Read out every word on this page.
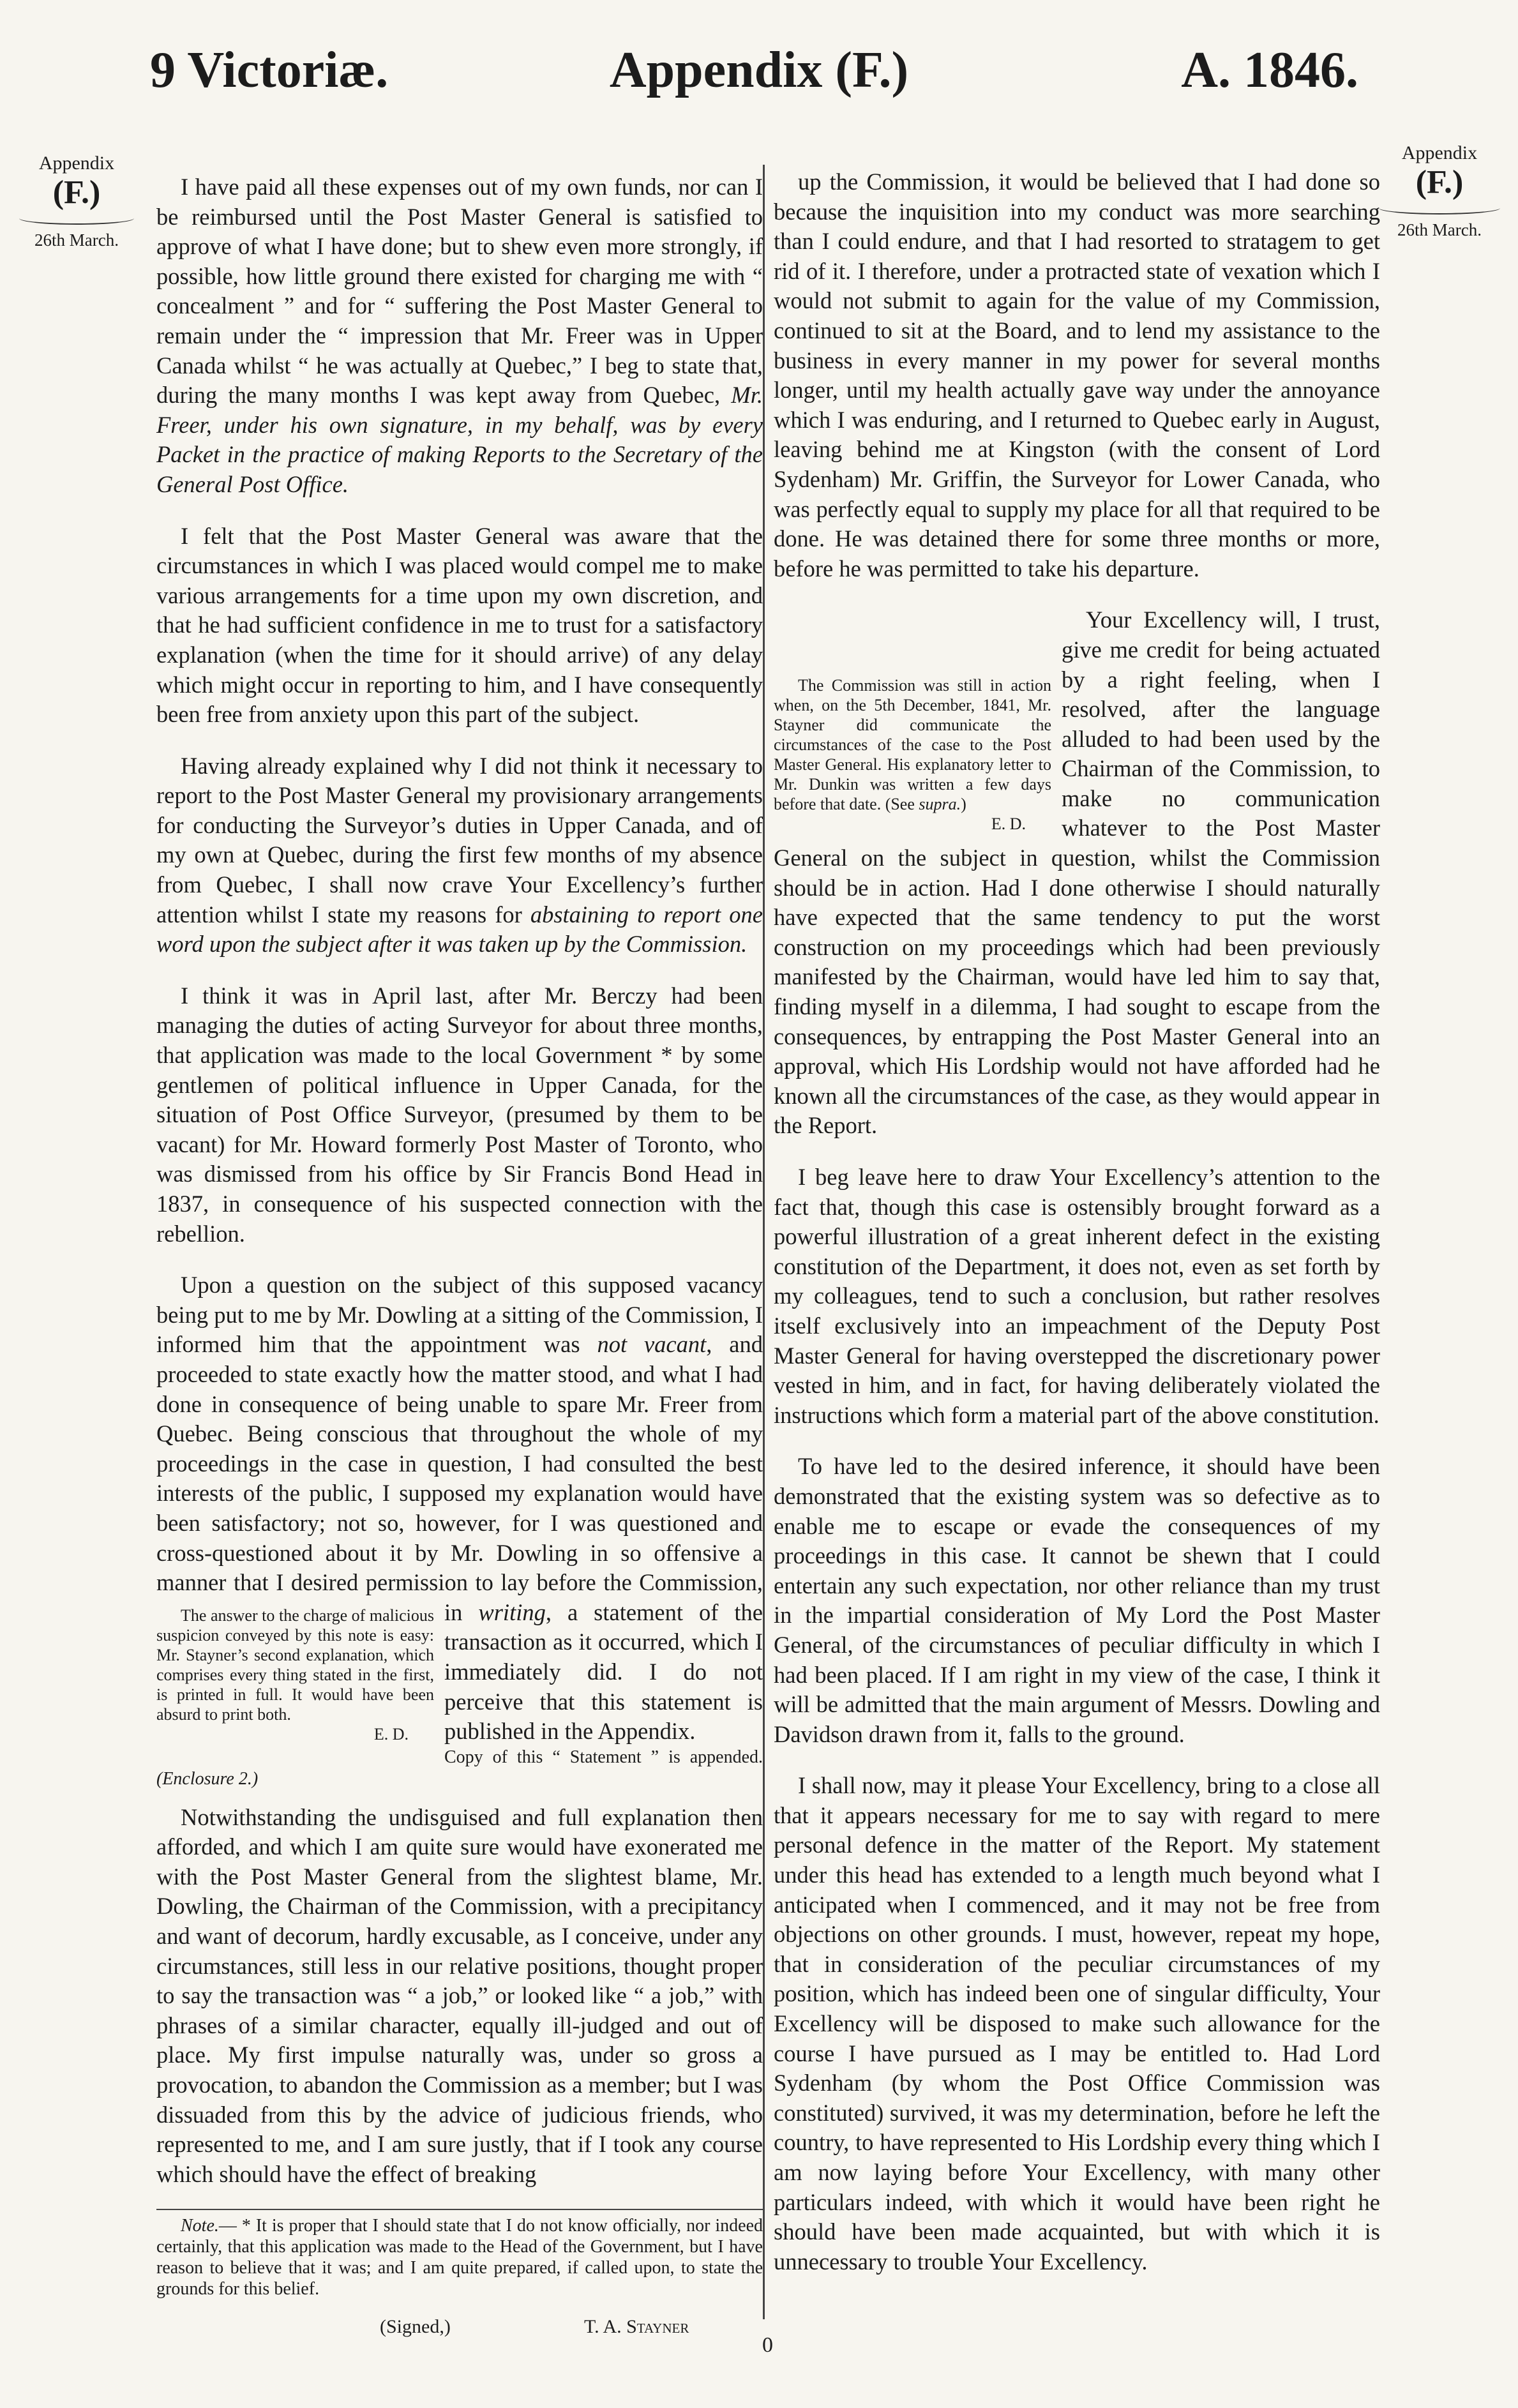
9 Victoriæ.	Appendix (F.)	A. 1846.
Appendix
(F.)
26th March.
Appendix
(F.)
26th March.

I have paid all these expenses out of my own funds, nor can I be reimbursed until the Post Master General is satisfied to approve of what I have done; but to shew even more strongly, if possible, how little ground there existed for charging me with “ concealment ” and for “ suffering the Post Master General to remain under the “ impression that Mr. Freer was in Upper Canada whilst “ he was actually at Quebec,” I beg to state that, during the many months I was kept away from Quebec, Mr. Freer, under his own signature, in my behalf, was by every Packet in the practice of making Reports to the Secretary of the General Post Office.

I felt that the Post Master General was aware that the circumstances in which I was placed would compel me to make various arrangements for a time upon my own discretion, and that he had sufficient confidence in me to trust for a satisfactory explanation (when the time for it should arrive) of any delay which might occur in reporting to him, and I have consequently been free from anxiety upon this part of the subject.

Having already explained why I did not think it necessary to report to the Post Master General my provisionary arrangements for conducting the Surveyor’s duties in Upper Canada, and of my own at Quebec, during the first few months of my absence from Quebec, I shall now crave Your Excellency’s further attention whilst I state my reasons for abstaining to report one word upon the subject after it was taken up by the Commission.

I think it was in April last, after Mr. Berczy had been managing the duties of acting Surveyor for about three months, that application was made to the local Government * by some gentlemen of political influence in Upper Canada, for the situation of Post Office Surveyor, (presumed by them to be vacant) for Mr. Howard formerly Post Master of Toronto, who was dismissed from his office by Sir Francis Bond Head in 1837, in consequence of his suspected connection with the rebellion.

Upon a question on the subject of this supposed vacancy being put to me by Mr. Dowling at a sitting of the Commission, I informed him that the appointment was not vacant, and proceeded to state exactly how the matter stood, and what I had done in consequence of being unable to spare Mr. Freer from Quebec. Being conscious that throughout the whole of my proceedings in the case in question, I had consulted the best interests of the public, I supposed my explanation would have been satisfactory; not so, however, for I was questioned and cross-questioned about it by Mr. Dowling in so offensive a manner that I desired permission to lay before the Commission, in
The answer to the charge of malicious suspicion conveyed by this note is easy: Mr. Stayner’s second explanation, which comprises every thing stated in the first, is printed in full. It would have been absurd to print both.
E. D.
writing, a statement of the transaction as it occurred, which I immediately did. I do not perceive that this statement is published in the Appendix.

Copy of this “ Statement ” is appended. (Enclosure 2.)

Notwithstanding the undisguised and full explanation then afforded, and which I am quite sure would have exonerated me with the Post Master General from the slightest blame, Mr. Dowling, the Chairman of the Commission, with a precipitancy and want of decorum, hardly excusable, as I conceive, under any circumstances, still less in our relative positions, thought proper to say the transaction was “ a job,” or looked like “ a job,” with phrases of a similar character, equally ill-judged and out of place. My first impulse naturally was, under so gross a provocation, to abandon the Commission as a member; but I was dissuaded from this by the advice of judicious friends, who represented to me, and I am sure justly, that if I took any course which should have the effect of breaking

up the Commission, it would be believed that I had done so because the inquisition into my conduct was more searching than I could endure, and that I had resorted to stratagem to get rid of it. I therefore, under a protracted state of vexation which I would not submit to again for the value of my Commission, continued to sit at the Board, and to lend my assistance to the business in every manner in my power for several months longer, until my health actually gave way under the annoyance which I was enduring, and I returned to Quebec early in August, leaving behind me at Kingston (with the consent of Lord Sydenham) Mr. Griffin, the Surveyor for Lower Canada, who was perfectly equal to supply my place for all that required to be done. He was detained there for some three months or more, before he was permitted to take his departure.

The Commission was still in action when, on the 5th December, 1841, Mr. Stayner did communicate the circumstances of the case to the Post Master General. His explanatory letter to Mr. Dunkin was written a few days before that date. (See supra.)
E. D.
Your Excellency will, I trust, give me credit for being actuated by a right feeling, when I resolved, after the language alluded to had been used by the Chairman of the Commission, to make no communication whatever to the Post Master General on the subject in question, whilst the Commission should be in action. Had I done otherwise I should naturally have expected that the same tendency to put the worst construction on my proceedings which had been previously manifested by the Chairman, would have led him to say that, finding myself in a dilemma, I had sought to escape from the consequences, by entrapping the Post Master General into an approval, which His Lordship would not have afforded had he known all the circumstances of the case, as they would appear in the Report.

I beg leave here to draw Your Excellency’s attention to the fact that, though this case is ostensibly brought forward as a powerful illustration of a great inherent defect in the existing constitution of the Department, it does not, even as set forth by my colleagues, tend to such a conclusion, but rather resolves itself exclusively into an impeachment of the Deputy Post Master General for having overstepped the discretionary power vested in him, and in fact, for having deliberately violated the instructions which form a material part of the above constitution.

To have led to the desired inference, it should have been demonstrated that the existing system was so defective as to enable me to escape or evade the consequences of my proceedings in this case. It cannot be shewn that I could entertain any such expectation, nor other reliance than my trust in the impartial consideration of My Lord the Post Master General, of the circumstances of peculiar difficulty in which I had been placed. If I am right in my view of the case, I think it will be admitted that the main argument of Messrs. Dowling and Davidson drawn from it, falls to the ground.

I shall now, may it please Your Excellency, bring to a close all that it appears necessary for me to say with regard to mere personal defence in the matter of the Report. My statement under this head has extended to a length much beyond what I anticipated when I commenced, and it may not be free from objections on other grounds. I must, however, repeat my hope, that in consideration of the peculiar circumstances of my position, which has indeed been one of singular difficulty, Your Excellency will be disposed to make such allowance for the course I have pursued as I may be entitled to. Had Lord Sydenham (by whom the Post Office Commission was constituted) survived, it was my determination, before he left the country, to have represented to His Lordship every thing which I am now laying before Your Excellency, with many other particulars indeed, with which it would have been right he should have been made acquainted, but with which it is unnecessary to trouble Your Excellency.

Note.— * It is proper that I should state that I do not know officially, nor indeed certainly, that this application was made to the Head of the Government, but I have reason to believe that it was; and I am quite prepared, if called upon, to state the grounds for this belief.

(Signed,)	T. A. Stayner
0
